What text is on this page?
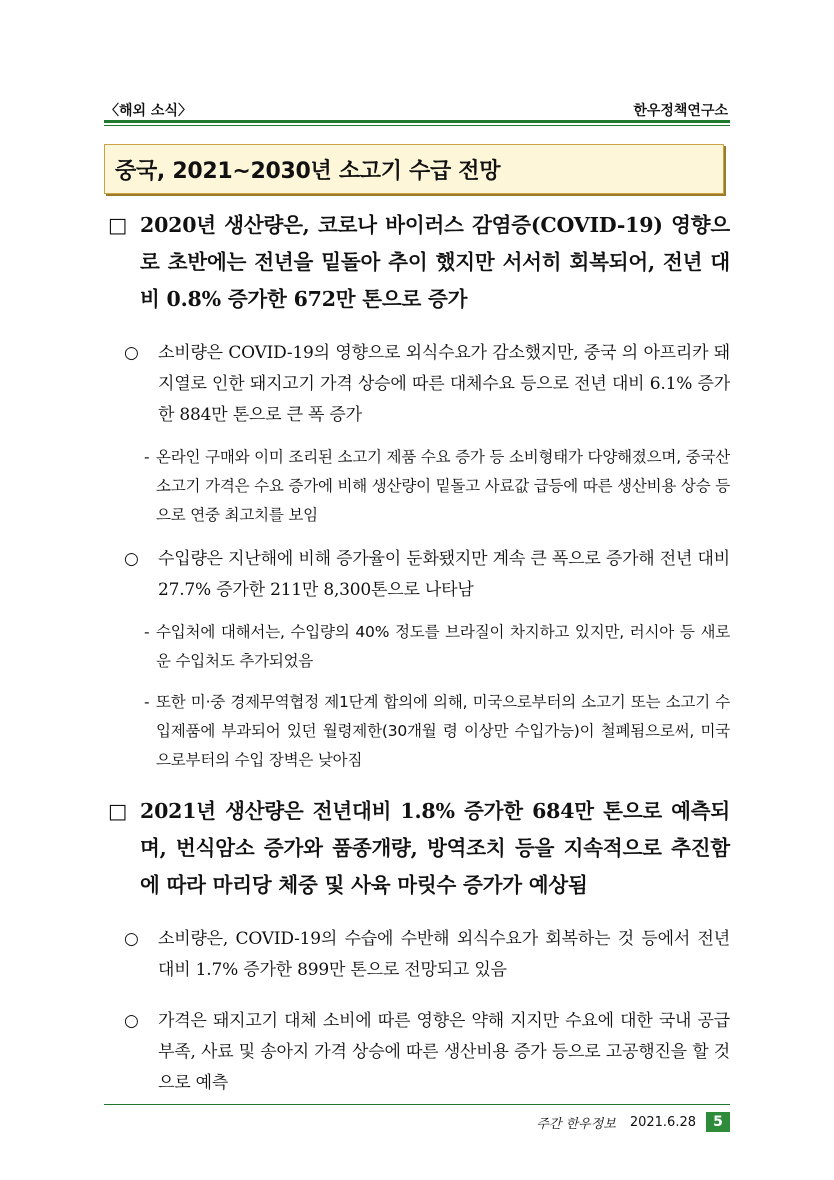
〈해외 소식〉	한우정책연구소
중국, 2021~2030년 소고기 수급 전망
□ 2020년 생산량은, 코로나 바이러스 감염증(COVID-19) 영향으로 초반에는 전년을 밑돌아 추이 했지만 서서히 회복되어, 전년 대비 0.8% 증가한 672만 톤으로 증가
○ 소비량은 COVID-19의 영향으로 외식수요가 감소했지만, 중국 의 아프리카 돼지열로 인한 돼지고기 가격 상승에 따른 대체수요 등으로 전년 대비 6.1% 증가한 884만 톤으로 큰 폭 증가
- 온라인 구매와 이미 조리된 소고기 제품 수요 증가 등 소비형태가 다양해졌으며, 중국산 소고기 가격은 수요 증가에 비해 생산량이 밑돌고 사료값 급등에 따른 생산비용 상승 등으로 연중 최고치를 보임
○ 수입량은 지난해에 비해 증가율이 둔화됐지만 계속 큰 폭으로 증가해 전년 대비 27.7% 증가한 211만 8,300톤으로 나타남
- 수입처에 대해서는, 수입량의 40% 정도를 브라질이 차지하고 있지만, 러시아 등 새로운 수입처도 추가되었음
- 또한 미·중 경제무역협정 제1단계 합의에 의해, 미국으로부터의 소고기 또는 소고기 수입제품에 부과되어 있던 월령제한(30개월 령 이상만 수입가능)이 철폐됨으로써, 미국으로부터의 수입 장벽은 낮아짐
□ 2021년 생산량은 전년대비 1.8% 증가한 684만 톤으로 예측되며, 번식암소 증가와 품종개량, 방역조치 등을 지속적으로 추진함에 따라 마리당 체중 및 사육 마릿수 증가가 예상됨
○ 소비량은, COVID-19의 수습에 수반해 외식수요가 회복하는 것 등에서 전년 대비 1.7% 증가한 899만 톤으로 전망되고 있음
○ 가격은 돼지고기 대체 소비에 따른 영향은 약해 지지만 수요에 대한 국내 공급부족, 사료 및 송아지 가격 상승에 따른 생산비용 증가 등으로 고공행진을 할 것으로 예측
주간 한우정보 2021.6.28	5
